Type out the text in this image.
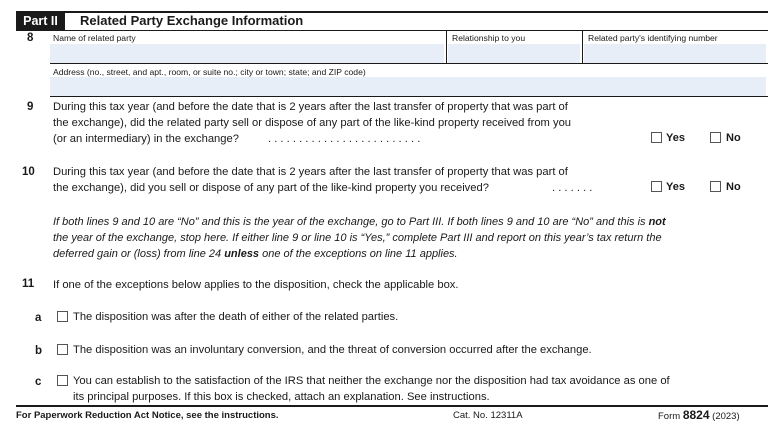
Part II	Related Party Exchange Information
8 Name of related party	Relationship to you	Related party's identifying number
Address (no., street, and apt., room, or suite no.; city or town; state; and ZIP code)
9 During this tax year (and before the date that is 2 years after the last transfer of property that was part of
the exchange), did the related party sell or dispose of any part of the like-kind property received from you
(or an intermediary) in the exchange?	. . . . . . . . . . . . . . . . . . . . . . . . .	Yes	No
10 During this tax year (and before the date that is 2 years after the last transfer of property that was part of
the exchange), did you sell or dispose of any part of the like-kind property you received?	. . . . . . .	Yes	No
If both lines 9 and 10 are “No” and this is the year of the exchange, go to Part III. If both lines 9 and 10 are “No” and this is not
the year of the exchange, stop here. If either line 9 or line 10 is “Yes,” complete Part III and report on this year’s tax return the
deferred gain or (loss) from line 24 unless one of the exceptions on line 11 applies.
11 If one of the exceptions below applies to the disposition, check the applicable box.
a	The disposition was after the death of either of the related parties.
b	The disposition was an involuntary conversion, and the threat of conversion occurred after the exchange.
c	You can establish to the satisfaction of the IRS that neither the exchange nor the disposition had tax avoidance as one of
its principal purposes. If this box is checked, attach an explanation. See instructions.
For Paperwork Reduction Act Notice, see the instructions.	Cat. No. 12311A	Form 8824 (2023)
